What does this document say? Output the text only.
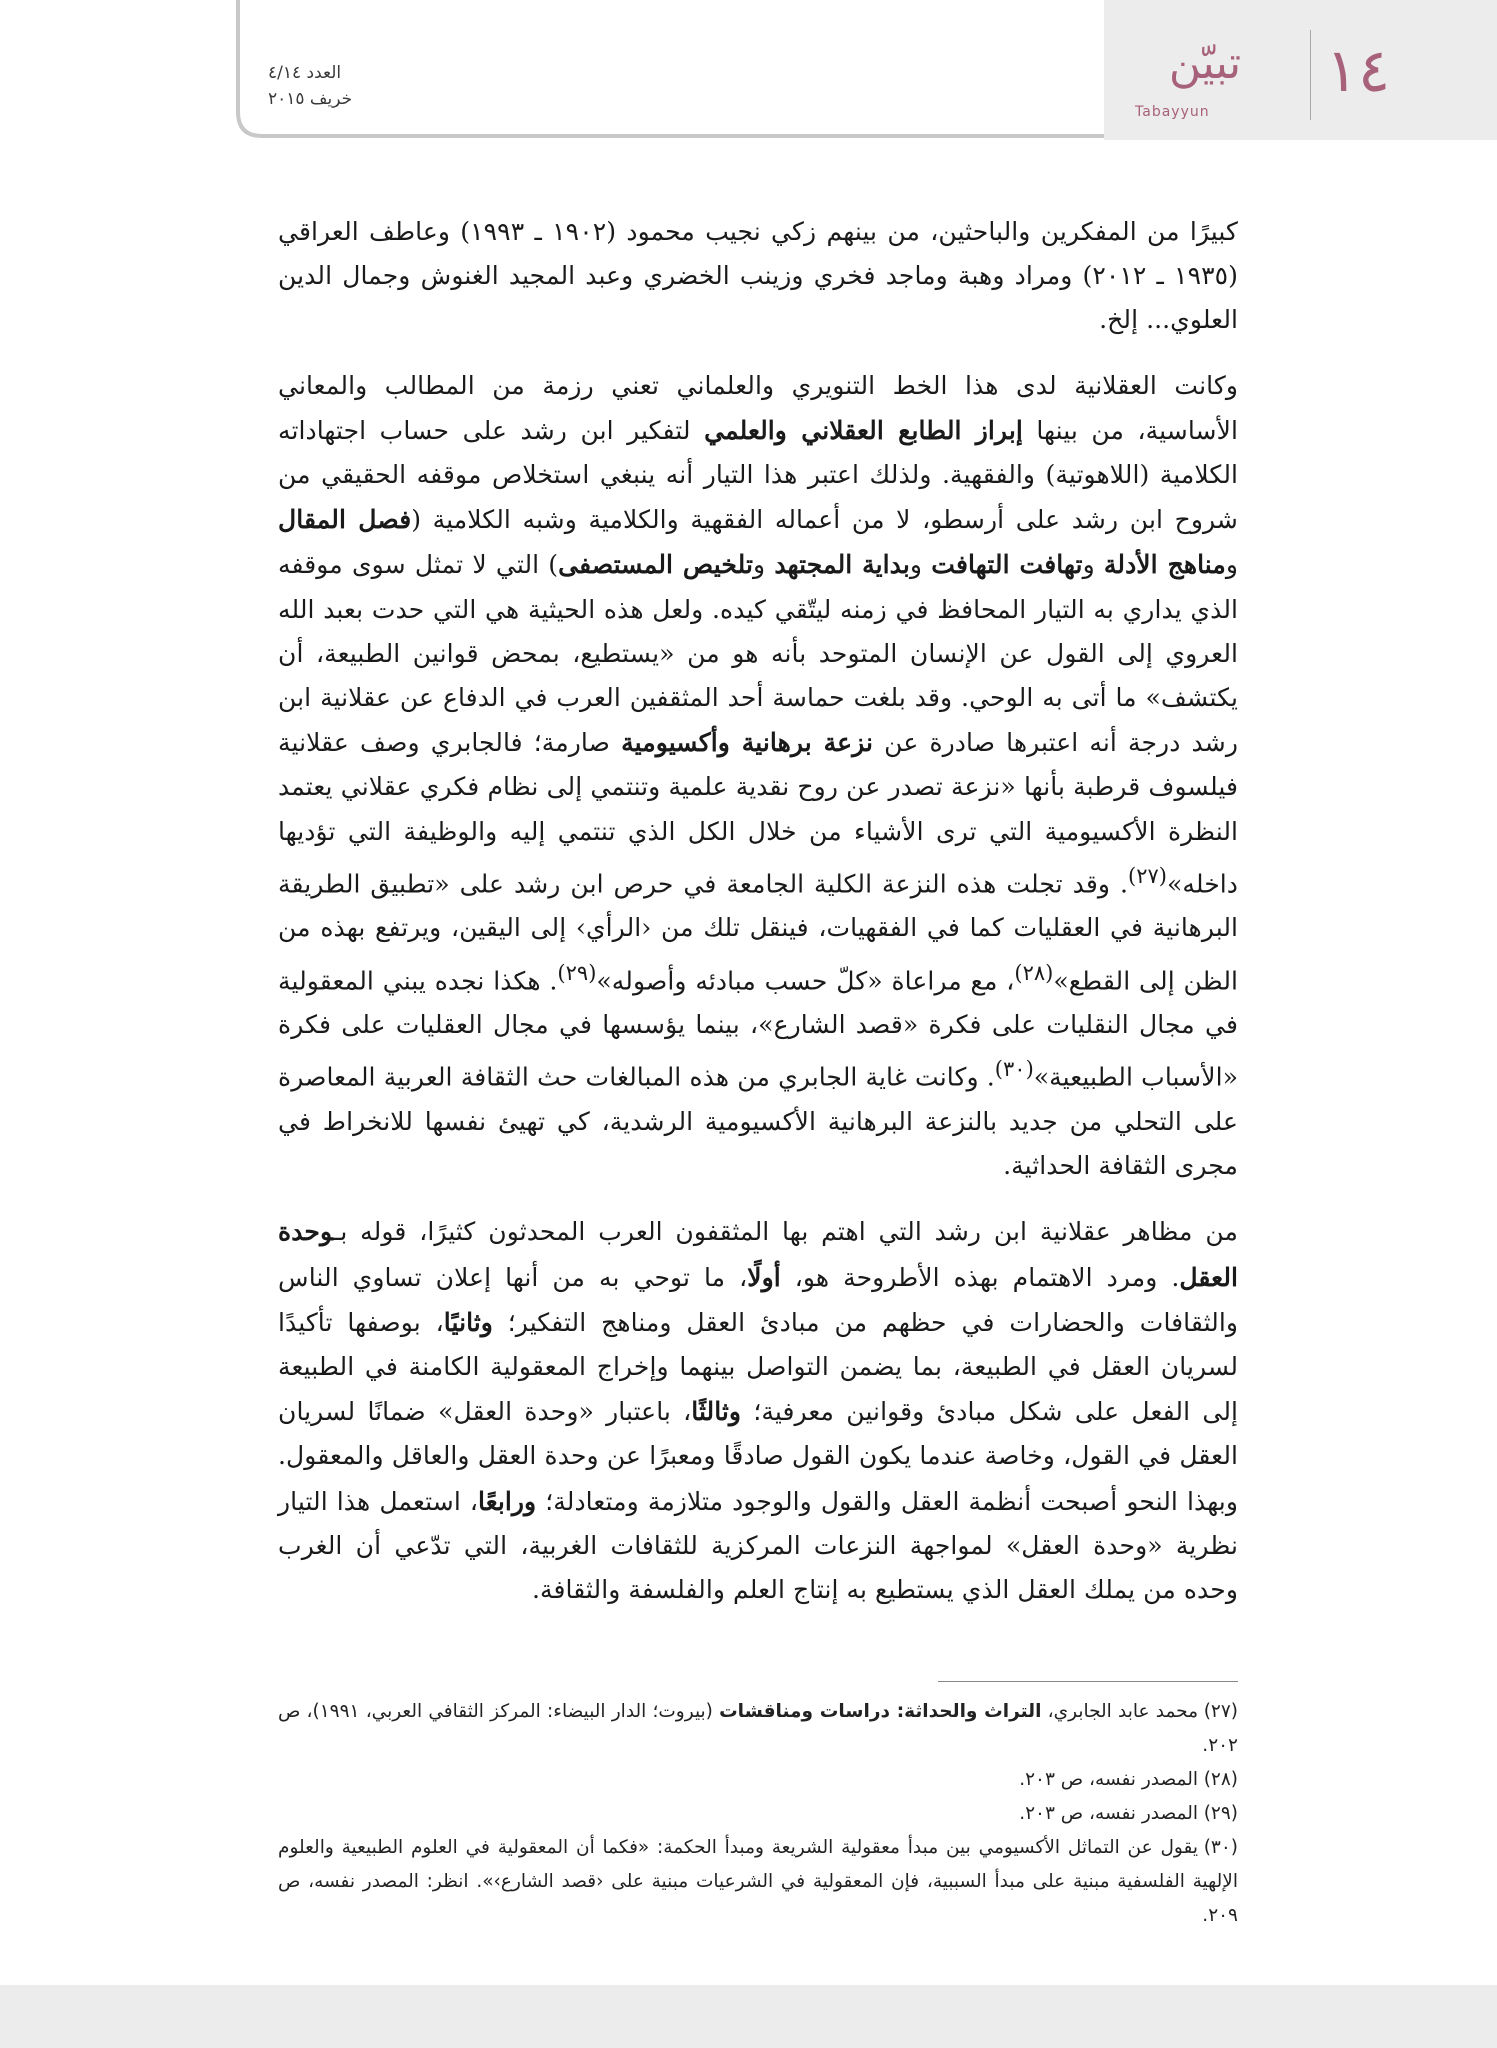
العدد ٤/١٤
خريف ٢٠١٥
تبيّن
Tabayyun
١٤

كبيرًا من المفكرين والباحثين، من بينهم زكي نجيب محمود (١٩٠٢ ـ ١٩٩٣) وعاطف العراقي (١٩٣٥ ـ ٢٠١٢) ومراد وهبة وماجد فخري وزينب الخضري وعبد المجيد الغنوش وجمال الدين العلوي... إلخ.

وكانت العقلانية لدى هذا الخط التنويري والعلماني تعني رزمة من المطالب والمعاني الأساسية، من بينها إبراز الطابع العقلاني والعلمي لتفكير ابن رشد على حساب اجتهاداته الكلامية (اللاهوتية) والفقهية. ولذلك اعتبر هذا التيار أنه ينبغي استخلاص موقفه الحقيقي من شروح ابن رشد على أرسطو، لا من أعماله الفقهية والكلامية وشبه الكلامية (فصل المقال ومناهج الأدلة وتهافت التهافت وبداية المجتهد وتلخيص المستصفى) التي لا تمثل سوى موقفه الذي يداري به التيار المحافظ في زمنه ليتّقي كيده. ولعل هذه الحيثية هي التي حدت بعبد الله العروي إلى القول عن الإنسان المتوحد بأنه هو من «يستطيع، بمحض قوانين الطبيعة، أن يكتشف» ما أتى به الوحي. وقد بلغت حماسة أحد المثقفين العرب في الدفاع عن عقلانية ابن رشد درجة أنه اعتبرها صادرة عن نزعة برهانية وأكسيومية صارمة؛ فالجابري وصف عقلانية فيلسوف قرطبة بأنها «نزعة تصدر عن روح نقدية علمية وتنتمي إلى نظام فكري عقلاني يعتمد النظرة الأكسيومية التي ترى الأشياء من خلال الكل الذي تنتمي إليه والوظيفة التي تؤديها داخله»$^{(٢٧)}$. وقد تجلت هذه النزعة الكلية الجامعة في حرص ابن رشد على «تطبيق الطريقة البرهانية في العقليات كما في الفقهيات، فينقل تلك من ‹الرأي› إلى اليقين، ويرتفع بهذه من الظن إلى القطع»$^{(٢٨)}$، مع مراعاة «كلّ حسب مبادئه وأصوله»$^{(٢٩)}$. هكذا نجده يبني المعقولية في مجال النقليات على فكرة «قصد الشارع»، بينما يؤسسها في مجال العقليات على فكرة «الأسباب الطبيعية»$^{(٣٠)}$. وكانت غاية الجابري من هذه المبالغات حث الثقافة العربية المعاصرة على التحلي من جديد بالنزعة البرهانية الأكسيومية الرشدية، كي تهيئ نفسها للانخراط في مجرى الثقافة الحداثية.

من مظاهر عقلانية ابن رشد التي اهتم بها المثقفون العرب المحدثون كثيرًا، قوله بـوحدة العقل. ومرد الاهتمام بهذه الأطروحة هو، أولًا، ما توحي به من أنها إعلان تساوي الناس والثقافات والحضارات في حظهم من مبادئ العقل ومناهج التفكير؛ وثانيًا، بوصفها تأكيدًا لسريان العقل في الطبيعة، بما يضمن التواصل بينهما وإخراج المعقولية الكامنة في الطبيعة إلى الفعل على شكل مبادئ وقوانين معرفية؛ وثالثًا، باعتبار «وحدة العقل» ضمانًا لسريان العقل في القول، وخاصة عندما يكون القول صادقًا ومعبرًا عن وحدة العقل والعاقل والمعقول. وبهذا النحو أصبحت أنظمة العقل والقول والوجود متلازمة ومتعادلة؛ ورابعًا، استعمل هذا التيار نظرية «وحدة العقل» لمواجهة النزعات المركزية للثقافات الغربية، التي تدّعي أن الغرب وحده من يملك العقل الذي يستطيع به إنتاج العلم والفلسفة والثقافة.

(٢٧)محمد عابد الجابري، التراث والحداثة: دراسات ومناقشات (بيروت؛ الدار البيضاء: المركز الثقافي العربي، ١٩٩١)، ص ٢٠٢.

(٢٨)المصدر نفسه، ص ٢٠٣.

(٢٩)المصدر نفسه، ص ٢٠٣.

(٣٠)يقول عن التماثل الأكسيومي بين مبدأ معقولية الشريعة ومبدأ الحكمة: «فكما أن المعقولية في العلوم الطبيعية والعلوم الإلهية الفلسفية مبنية على مبدأ السببية، فإن المعقولية في الشرعيات مبنية على ‹قصد الشارع›». انظر: المصدر نفسه، ص ٢٠٩.
